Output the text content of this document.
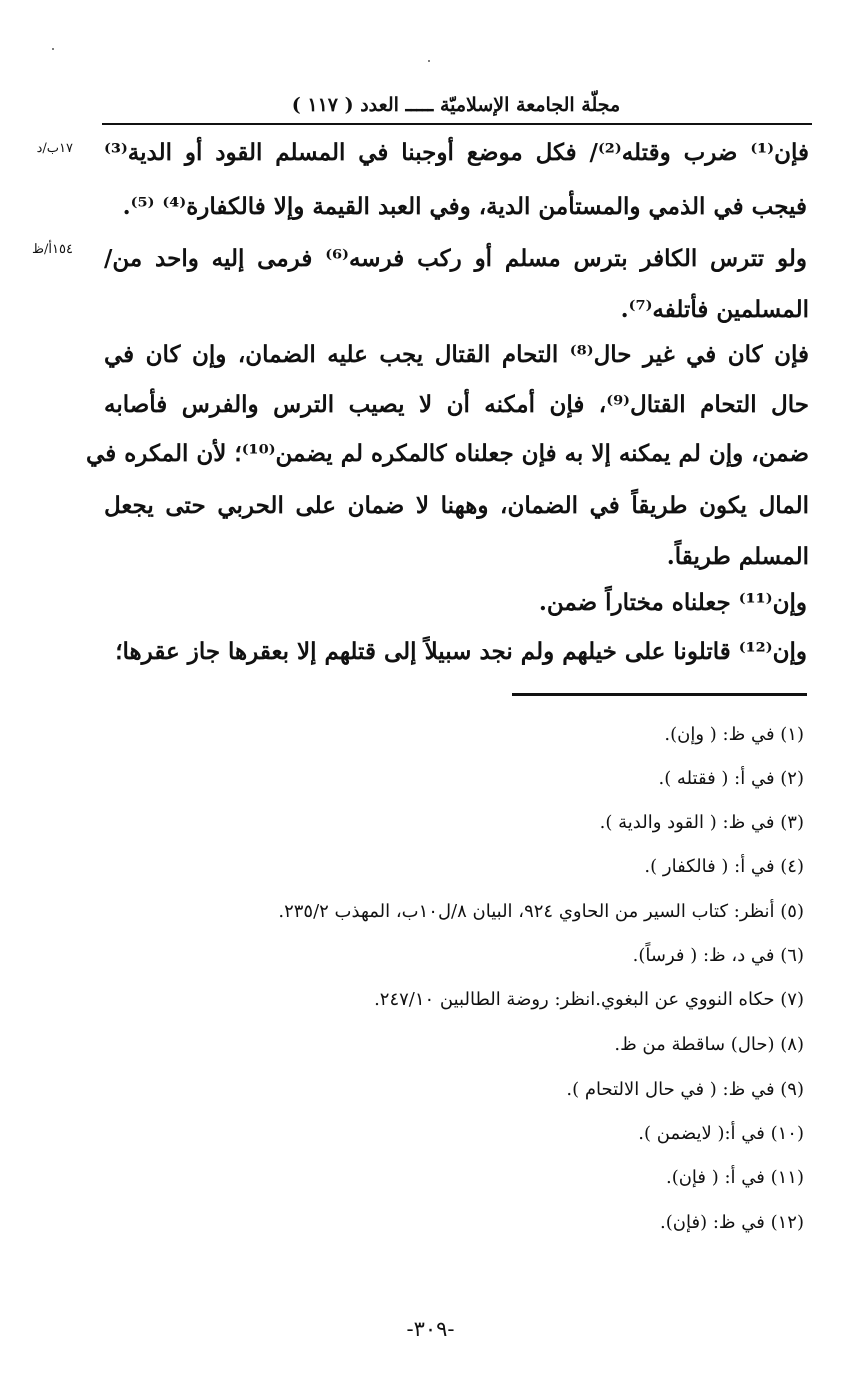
مجلّة الجامعة الإسلاميّة ـــــ العدد ( ١١٧ )
١٧ب/د
١٥٤أ/ظ
فإن⁽¹⁾ ضرب وقتله⁽²⁾/ فكل موضع أوجبنا في المسلم القود أو الدية⁽³⁾
فيجب في الذمي والمستأمن الدية، وفي العبد القيمة وإلا فالكفارة⁽⁴⁾ ⁽⁵⁾.
ولو تترس الكافر بترس مسلم أو ركب فرسه⁽⁶⁾ فرمى إليه واحد من/
المسلمين فأتلفه⁽⁷⁾.
فإن كان في غير حال⁽⁸⁾ التحام القتال يجب عليه الضمان، وإن كان في
حال التحام القتال⁽⁹⁾، فإن أمكنه أن لا يصيب الترس والفرس فأصابه
ضمن، وإن لم يمكنه إلا به فإن جعلناه كالمكره لم يضمن⁽¹⁰⁾؛ لأن المكره في
المال يكون طريقاً في الضمان، وههنا لا ضمان على الحربي حتى يجعل
المسلم طريقاً.
وإن⁽¹¹⁾ جعلناه مختاراً ضمن.
وإن⁽¹²⁾ قاتلونا على خيلهم ولم نجد سبيلاً إلى قتلهم إلا بعقرها جاز عقرها؛
(١) في ظ: ( وإن).
(٢) في أ: ( فقتله ).
(٣) في ظ: ( القود والدية ).
(٤) في أ: ( فالكفار ).
(٥) أنظر: كتاب السير من الحاوي ٩٢٤، البيان ٨/ل١٠ب، المهذب ٢٣٥/٢.
(٦) في د، ظ: ( فرساً).
(٧) حكاه النووي عن البغوي.انظر: روضة الطالبين ٢٤٧/١٠.
(٨) (حال) ساقطة من ظ.
(٩) في ظ: ( في حال الالتحام ).
(١٠) في أ:( لايضمن ).
(١١) في أ: ( فإن).
(١٢) في ظ: (فإن).
-٣٠٩-
